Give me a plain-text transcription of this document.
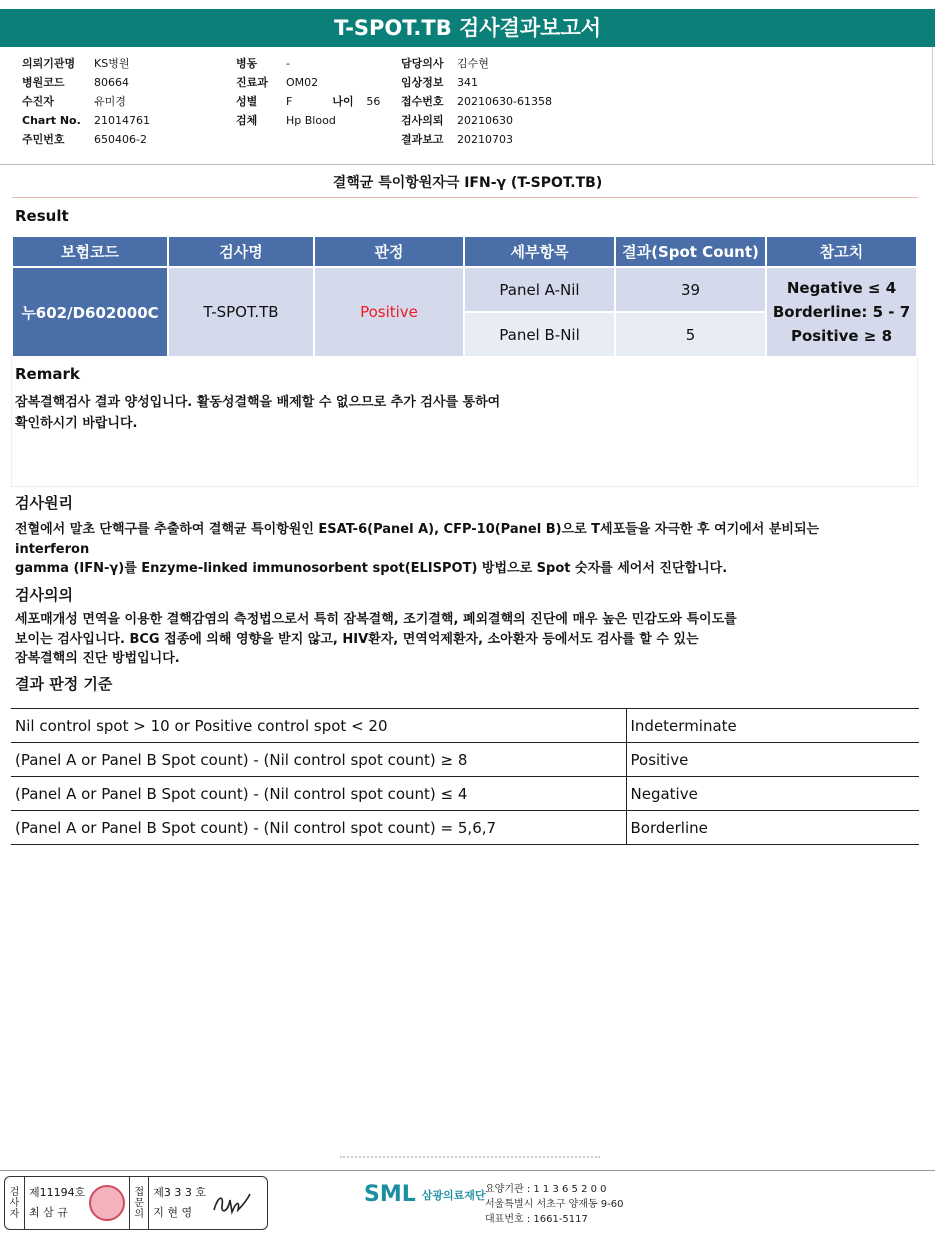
T-SPOT.TB 검사결과보고서
의뢰기관명	KS병원
병원코드	80664
수진자	유미경
Chart No.	21014761
주민번호	650406-2
병동	-
진료과	OM02
성별	F	나이	56
검체	Hp Blood
담당의사	김수현
임상정보	341
접수번호	20210630-61358
검사의뢰	20210630
결과보고	20210703
결핵균 특이항원자극 IFN-γ (T-SPOT.TB)
Result
보험코드	검사명	판정	세부항목	결과(Spot Count)	참고치
누602/D602000C	T-SPOT.TB	Positive	Panel A-Nil	39	Negative ≤ 4
Borderline: 5 - 7
Positive ≥ 8

			Panel B-Nil	5	
Remark
잠복결핵검사 결과 양성입니다. 활동성결핵을 배제할 수 없으므로 추가 검사를 통하여
확인하시기 바랍니다.
검사원리
전혈에서 말초 단핵구를 추출하여 결핵균 특이항원인 ESAT-6(Panel A), CFP-10(Panel B)으로 T세포들을 자극한 후 여기에서 분비되는
interferon
gamma (IFN-γ)를 Enzyme-linked immunosorbent spot(ELISPOT) 방법으로 Spot 숫자를 세어서 진단합니다.
검사의의
세포매개성 면역을 이용한 결핵감염의 측정법으로서 특히 잠복결핵, 조기결핵, 폐외결핵의 진단에 매우 높은 민감도와 특이도를
보이는 검사입니다. BCG 접종에 의해 영향을 받지 않고, HIV환자, 면역억제환자, 소아환자 등에서도 검사를 할 수 있는
잠복결핵의 진단 방법입니다.
결과 판정 기준
Nil control spot > 10 or Positive control spot < 20	Indeterminate
(Panel A or Panel B Spot count) - (Nil control spot count) ≥ 8	Positive
(Panel A or Panel B Spot count) - (Nil control spot count) ≤ 4	Negative
(Panel A or Panel B Spot count) - (Nil control spot count) = 5,6,7	Borderline
검
사
자
제11194호
최 삼 규
접
문
의
제3 3 3 호
지 현 영
SML 삼광의료재단 요양기관 : 1 1 3 6 5 2 0 0
서울특별시 서초구 양재동 9-60
대표번호 : 1661-5117
